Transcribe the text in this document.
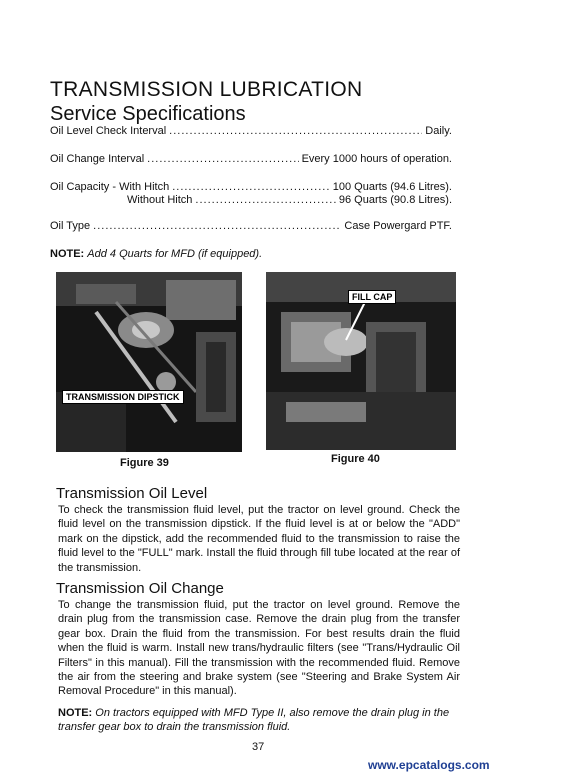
TRANSMISSION LUBRICATION
Service Specifications
Oil Level Check Interval .....	Daily.
Oil Change Interval .....	Every 1000 hours of operation.
Oil Capacity - With Hitch .....	100 Quarts (94.6 Litres).
Without Hitch .....	96 Quarts (90.8 Litres).
Oil Type .....	Case Powergard PTF.
NOTE: Add 4 Quarts for MFD (if equipped).
TRANSMISSION DIPSTICK
Figure 39
FILL CAP
Figure 40
Transmission Oil Level
To check the transmission fluid level, put the tractor on level ground. Check the fluid level on the transmission dipstick. If the fluid level is at or below the "ADD" mark on the dipstick, add the recommended fluid to the transmission to raise the fluid level to the "FULL" mark. Install the fluid through fill tube located at the rear of the transmission.
Transmission Oil Change
To change the transmission fluid, put the tractor on level ground. Remove the drain plug from the transmission case. Remove the drain plug from the transfer gear box. Drain the fluid from the transmission. For best results drain the fluid when the fluid is warm. Install new trans/hydraulic filters (see "Trans/Hydraulic Oil Filters" in this manual). Fill the transmission with the recommended fluid. Remove the air from the steering and brake system (see "Steering and Brake System Air Removal Procedure" in this manual).
NOTE: On tractors equipped with MFD Type II, also remove the drain plug in the transfer gear box to drain the transmission fluid.
37
www.epcatalogs.com
